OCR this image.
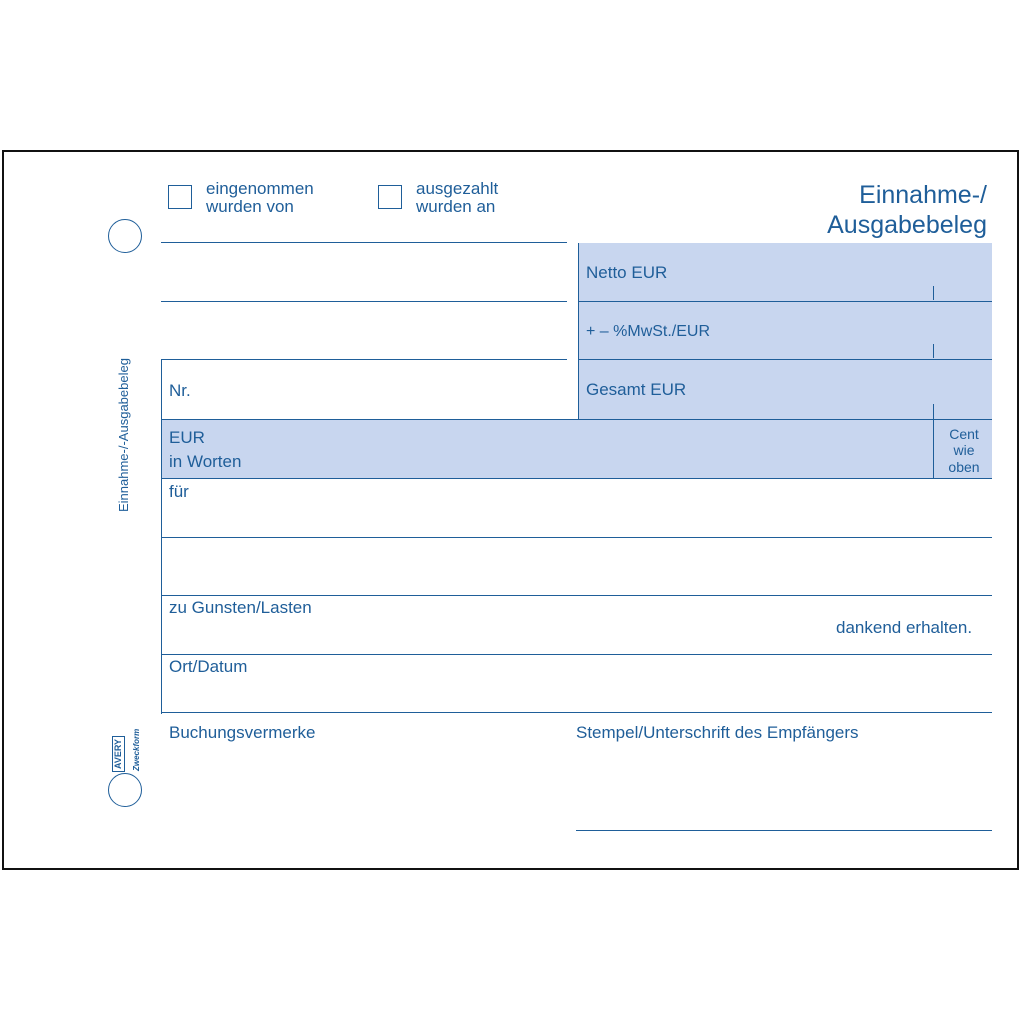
Einnahme-/-Ausgabebeleg
AVERY Zweckform
eingenommen
wurden von
ausgezahlt
wurden an	Einnahme-/
Ausgabebeleg
Netto EUR
+ – %MwSt./EUR
Gesamt EUR
Nr.
EUR
in Worten
Cent
wie
oben
für
zu Gunsten/Lasten
dankend erhalten.
Ort/Datum
Buchungsvermerke	Stempel/Unterschrift des Empfängers
